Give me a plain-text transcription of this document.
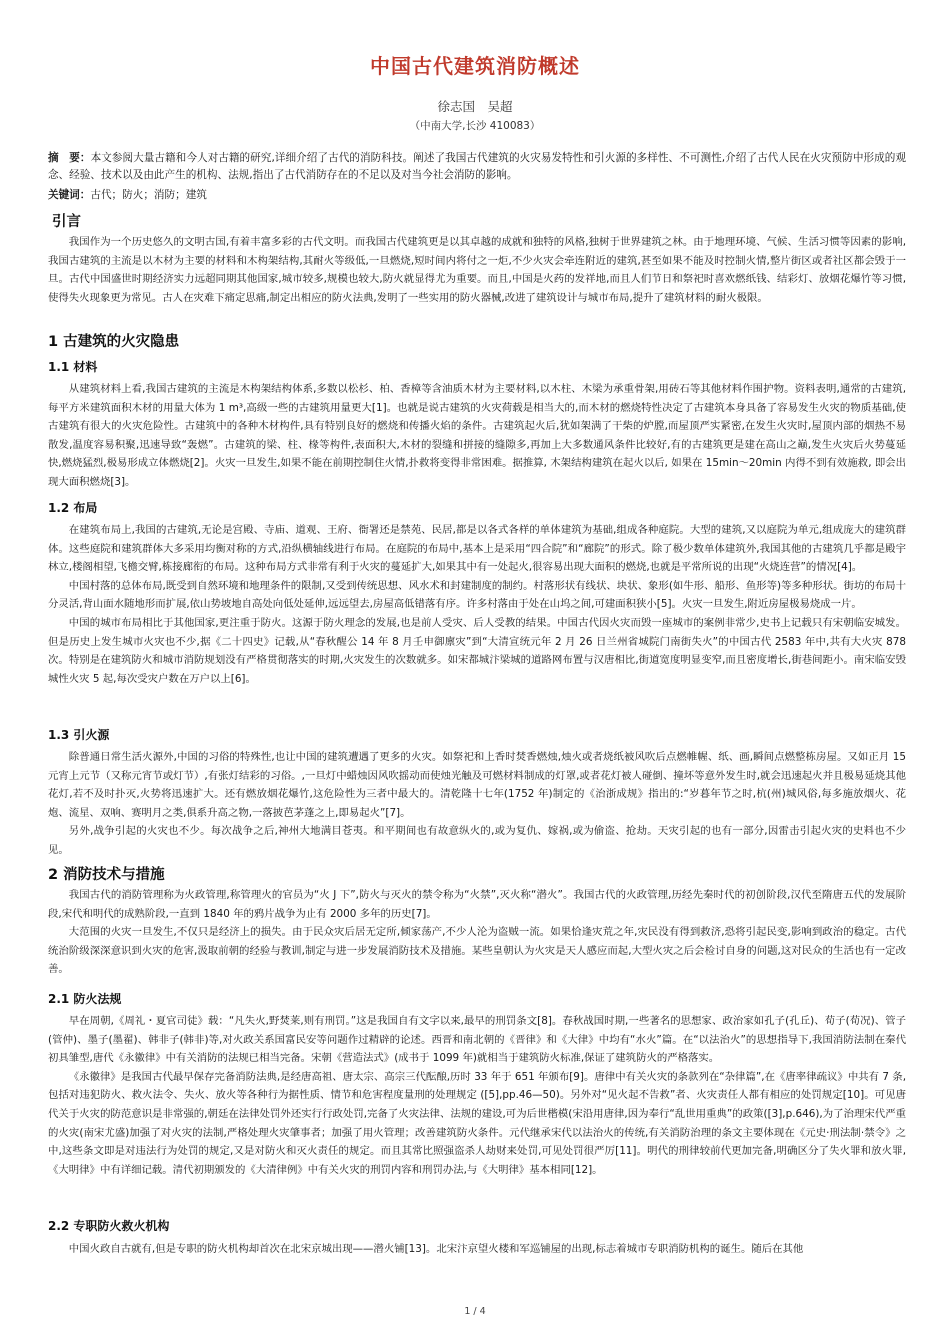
中国古代建筑消防概述
徐志国　吴超
（中南大学,长沙 410083）
摘　要：本文参阅大量古籍和今人对古籍的研究,详细介绍了古代的消防科技。阐述了我国古代建筑的火灾易发特性和引火源的多样性、不可测性,介绍了古代人民在火灾预防中形成的观念、经验、技术以及由此产生的机构、法规,指出了古代消防存在的不足以及对当今社会消防的影响。
关键词：古代；防火；消防；建筑
引言

我国作为一个历史悠久的文明古国,有着丰富多彩的古代文明。而我国古代建筑更是以其卓越的成就和独特的风格,独树于世界建筑之林。由于地理环境、气候、生活习惯等因素的影响,我国古建筑的主流是以木材为主要的材料和木构架结构,其耐火等级低,一旦燃烧,短时间内将付之一炬,不少火灾会牵连附近的建筑,甚至如果不能及时控制火情,整片街区或者社区都会毁于一旦。古代中国盛世时期经济实力远超同期其他国家,城市较多,规模也较大,防火就显得尤为重要。而且,中国是火药的发祥地,而且人们节日和祭祀时喜欢燃纸钱、结彩灯、放烟花爆竹等习惯,使得失火现象更为常见。古人在灾难下痛定思痛,制定出相应的防火法典,发明了一些实用的防火器械,改进了建筑设计与城市布局,提升了建筑材料的耐火极限。

1 古建筑的火灾隐患
1.1 材料

从建筑材料上看,我国古建筑的主流是木构架结构体系,多数以松杉、柏、香樟等含油质木材为主要材料,以木柱、木梁为承重骨架,用砖石等其他材料作围护物。资料表明,通常的古建筑,每平方米建筑面积木材的用量大体为 1 m³,高级一些的古建筑用量更大[1]。也就是说古建筑的火灾荷载是相当大的,而木材的燃烧特性决定了古建筑本身具备了容易发生火灾的物质基础,使古建筑有很大的火灾危险性。古建筑中的各种木材构件,具有特别良好的燃烧和传播火焰的条件。古建筑起火后,犹如架满了干柴的炉膛,而屋顶严实紧密,在发生火灾时,屋顶内部的烟热不易散发,温度容易积聚,迅速导致“轰燃”。古建筑的梁、柱、椽等构件,表面积大,木材的裂缝和拼接的缝隙多,再加上大多数通风条件比较好,有的古建筑更是建在高山之巅,发生火灾后火势蔓延快,燃烧猛烈,极易形成立体燃烧[2]。火灾一旦发生,如果不能在前期控制住火情,扑救将变得非常困难。据推算, 木架结构建筑在起火以后, 如果在 15min～20min 内得不到有效施救, 即会出现大面积燃烧[3]。

1.2 布局

在建筑布局上,我国的古建筑,无论是宫殿、寺庙、道观、王府、衙署还是禁苑、民居,都是以各式各样的单体建筑为基础,组成各种庭院。大型的建筑,又以庭院为单元,组成庞大的建筑群体。这些庭院和建筑群体大多采用均衡对称的方式,沿纵横轴线进行布局。在庭院的布局中,基本上是采用“四合院”和“廊院”的形式。除了极少数单体建筑外,我国其他的古建筑几乎都是殿宇林立,楼阁相望,飞檐交臂,栋接廊衔的布局。这种布局方式非常有利于火灾的蔓延扩大,如果其中有一处起火,很容易出现大面积的燃烧,也就是平常所说的出现“火烧连营”的情况[4]。

中国村落的总体布局,既受到自然环境和地理条件的限制,又受到传统思想、风水术和封建制度的制约。村落形状有线状、块状、象形(如牛形、船形、鱼形等)等多种形状。街坊的布局十分灵活,背山面水随地形而扩展,依山势坡地自高处向低处延伸,远远望去,房屋高低错落有序。许多村落由于处在山坞之间,可建面积狭小[5]。火灾一旦发生,附近房屋极易烧成一片。

中国的城市布局相比于其他国家,更注重于防火。这源于防火理念的发展,也是前人受灾、后人受教的结果。中国古代因火灾而毁一座城市的案例非常少,史书上记载只有宋朝临安城发。但是历史上发生城市火灾也不少,据《二十四史》记载,从“春秋醒公 14 年 8 月壬申御廪灾”到“大清宣统元年 2 月 26 日兰州省城院门南街失火”的中国古代 2583 年中,共有大火灾 878 次。特别是在建筑防火和城市消防规划没有严格贯彻落实的时期,火灾发生的次数就多。如宋都城汴梁城的道路网布置与汉唐相比,街道宽度明显变窄,而且密度增长,街巷间距小。南宋临安毁城性火灾 5 起,每次受灾户数在万户以上[6]。

1.3 引火源

除普通日常生活火源外,中国的习俗的特殊性,也让中国的建筑遭遇了更多的火灾。如祭祀和上香时焚香燃烛,烛火或者烧纸被风吹后点燃帷幄、纸、画,瞬间点燃整栋房屋。又如正月 15 元宵上元节（又称元宵节或灯节）,有张灯结彩的习俗。,一旦灯中蜡烛因风吹摇动而使烛光触及可燃材料制成的灯罩,或者花灯被人碰倒、撞坏等意外发生时,就会迅速起火并且极易延烧其他花灯,若不及时扑灭,火势将迅速扩大。还有燃放烟花爆竹,这危险性为三者中最大的。清乾隆十七年(1752 年)制定的《治浙成规》指出的:“岁暮年节之时,杭(州)城风俗,每多施放烟火、花炮、流星、双响、赛明月之类,俱系升高之物,一落披芭茅蓬之上,即易起火”[7]。

另外,战争引起的火灾也不少。每次战争之后,神州大地满目苍夷。和平期间也有故意纵火的,或为复仇、嫁祸,或为偷盗、抢劫。天灾引起的也有一部分,因雷击引起火灾的史料也不少见。

2 消防技术与措施

我国古代的消防管理称为火政管理,称管理火的官员为“火 J 下”,防火与灭火的禁令称为“火禁”,灭火称“潜火”。我国古代的火政管理,历经先秦时代的初创阶段,汉代至隋唐五代的发展阶段,宋代和明代的成熟阶段,一直到 1840 年的鸦片战争为止有 2000 多年的历史[7]。

大范围的火灾一旦发生,不仅只是经济上的损失。由于民众灾后居无定所,倾家荡产,不少人沦为盗贼一流。如果恰逢灾荒之年,灾民没有得到救济,恐将引起民变,影响到政治的稳定。古代统治阶级深深意识到火灾的危害,汲取前朝的经验与教训,制定与进一步发展消防技术及措施。某些皇朝认为火灾是天人感应而起,大型火灾之后会检讨自身的问题,这对民众的生活也有一定改善。

2.1 防火法规

早在周朝,《周礼・夏官司徒》载：“凡失火,野焚莱,则有刑罚。”这是我国自有文字以来,最早的刑罚条文[8]。春秋战国时期,一些著名的思想家、政治家如孔子(孔丘)、荀子(荀况)、管子(管仲)、墨子(墨翟)、韩非子(韩非)等,对火政关系国富民安等问题作过精辟的论述。西晋和南北朝的《晋律》和《大律》中均有“水火”篇。在“以法治火”的思想指导下,我国消防法制在秦代初具雏型,唐代《永徽律》中有关消防的法规已相当完备。宋朝《营造法式》(成书于 1099 年)就相当于建筑防火标准,保证了建筑防火的严格落实。

《永徽律》是我国古代最早保存完备消防法典,是经唐高祖、唐太宗、高宗三代酝酿,历时 33 年于 651 年颁布[9]。唐律中有关火灾的条款列在“杂律篇”,在《唐率律疏议》中共有 7 条,包括对违犯防火、救火法令、失火、放火等各种行为据性质、情节和危害程度量刑的处理规定 ([5],pp.46—50)。另外对“见火起不告救”者、火灾责任人都有相应的处罚规定[10]。可见唐代关于火灾的防范意识是非常强的,朝廷在法律处罚外还实行行政处罚,完备了火灾法律、法规的建设,可为后世楷模(宋沿用唐律,因为奉行“乱世用重典”的政策([3],p.646),为了治理宋代严重的火灾(南宋尤盛)加强了对火灾的法制,严格处理火灾肇事者；加强了用火管理；改善建筑防火条件。元代继承宋代以法治火的传统,有关消防治理的条文主要体现在《元史·刑法制·禁令》之中,这些条文即是对违法行为处罚的规定,又是对防火和灭火责任的规定。而且其常比照强盗杀人劫财来处罚,可见处罚很严厉[11]。明代的刑律较前代更加完备,明确区分了失火罪和放火罪,《大明律》中有详细记载。清代初期颁发的《大清律例》中有关火灾的刑罚内容和刑罚办法,与《大明律》基本相同[12]。

2.2 专职防火救火机构

中国火政自古就有,但是专职的防火机构却首次在北宋京城出现——潜火铺[13]。北宋汴京望火楼和军巡铺屋的出现,标志着城市专职消防机构的诞生。随后在其他

1 / 4
